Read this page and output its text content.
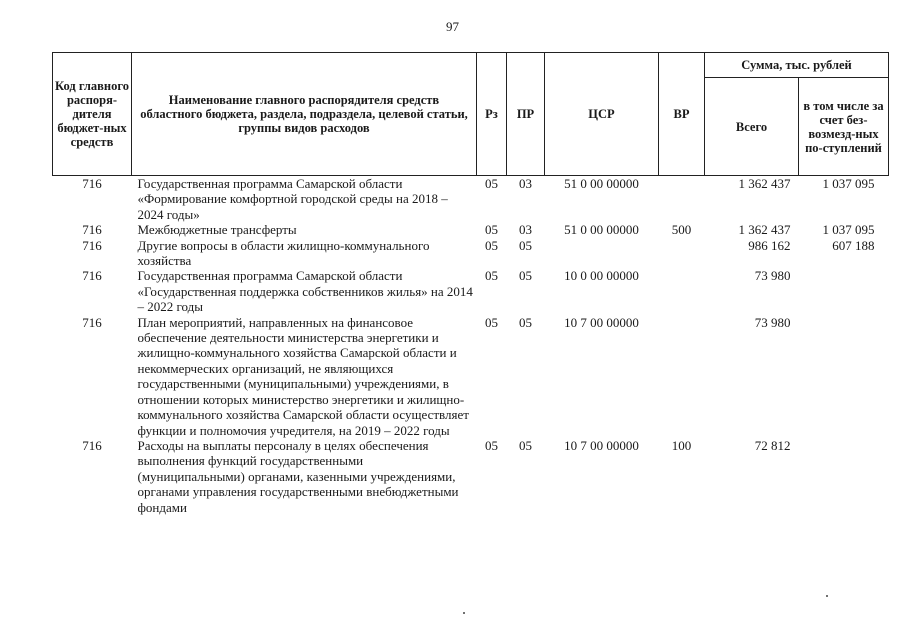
97
Код главного распоря-дителя бюджет-ных средств	Наименование главного распорядителя средств областного бюджета, раздела, подраздела, целевой статьи, группы видов расходов	Рз	ПР	ЦСР	ВР	Сумма, тыс. рублей	
						Всего	в том числе за счет без-возмезд-ных по-ступлений
716	Государственная программа Самарской области «Формирование комфортной городской среды на 2018 – 2024 годы»	05	03	51 0 00 00000		1 362 437	1 037 095
716	Межбюджетные трансферты	05	03	51 0 00 00000	500	1 362 437	1 037 095
716	Другие вопросы в области жилищно-коммунального хозяйства	05	05			986 162	607 188
716	Государственная программа Самарской области «Государственная поддержка собственников жилья» на 2014 – 2022 годы	05	05	10 0 00 00000		73 980	
716	План мероприятий, направленных на финансовое обеспечение деятельности министерства энергетики и жилищно-коммунального хозяйства Самарской области и некоммерческих организаций, не являющихся государственными (муниципальными) учреждениями, в отношении которых министерство энергетики и жилищно-коммунального хозяйства Самарской области осуществляет функции и полномочия учредителя, на 2019 – 2022 годы	05	05	10 7 00 00000		73 980	
716	Расходы на выплаты персоналу в целях обеспечения выполнения функций государственными (муниципальными) органами, казенными учреждениями, органами управления государственными внебюджетными фондами	05	05	10 7 00 00000	100	72 812	
